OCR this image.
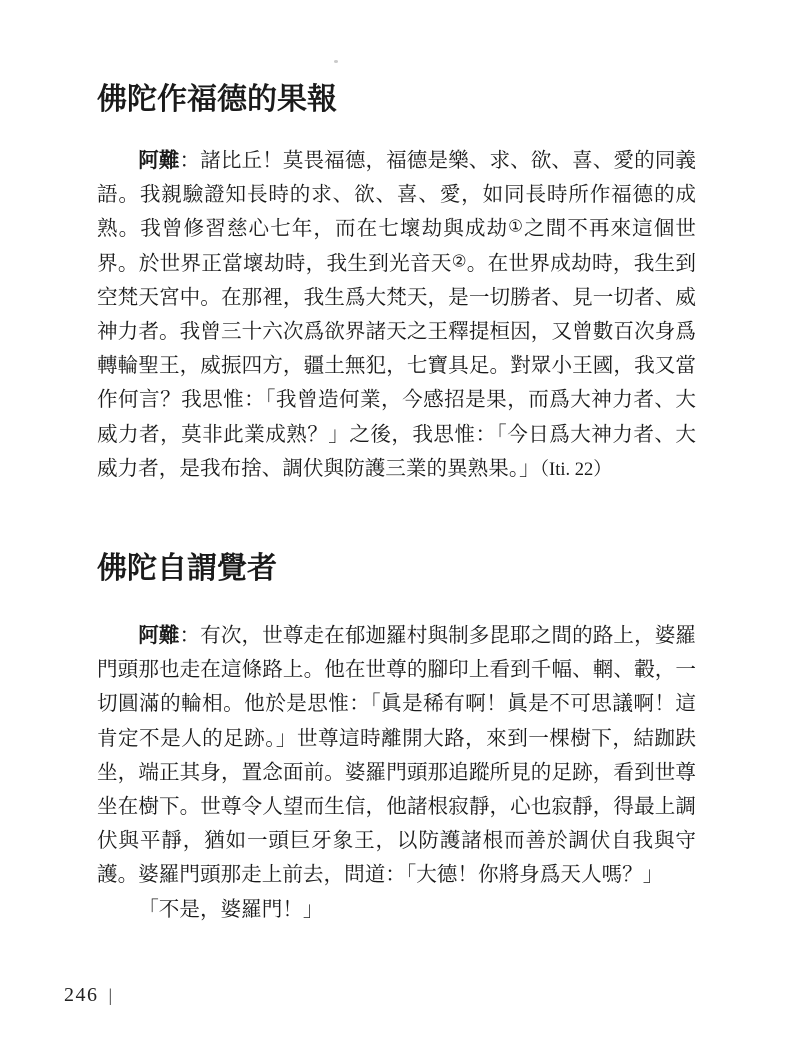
佛陀作福德的果報

阿難：諸比丘！莫畏福德，福德是樂、求、欲、喜、愛的同義語。我親驗證知長時的求、欲、喜、愛，如同長時所作福德的成熟。我曾修習慈心七年，而在七壞劫與成劫①之間不再來這個世界。於世界正當壞劫時，我生到光音天②。在世界成劫時，我生到空梵天宮中。在那裡，我生爲大梵天，是一切勝者、見一切者、威神力者。我曾三十六次爲欲界諸天之王釋提桓因，又曾數百次身爲轉輪聖王，威振四方，疆土無犯，七寶具足。對眾小王國，我又當作何言？我思惟：「我曾造何業，今感招是果，而爲大神力者、大威力者，莫非此業成熟？」之後，我思惟：「今日爲大神力者、大威力者，是我布捨、調伏與防護三業的異熟果。」（Iti. 22）

佛陀自謂覺者

阿難：有次，世尊走在郁迦羅村與制多毘耶之間的路上，婆羅門頭那也走在這條路上。他在世尊的腳印上看到千幅、輞、轂，一切圓滿的輪相。他於是思惟：「眞是稀有啊！眞是不可思議啊！這肯定不是人的足跡。」世尊這時離開大路，來到一棵樹下，結跏趺坐，端正其身，置念面前。婆羅門頭那追蹤所見的足跡，看到世尊坐在樹下。世尊令人望而生信，他諸根寂靜，心也寂靜，得最上調伏與平靜，猶如一頭巨牙象王，以防護諸根而善於調伏自我與守護。婆羅門頭那走上前去，問道：「大德！你將身爲天人嗎？」

「不是，婆羅門！」

246 |
